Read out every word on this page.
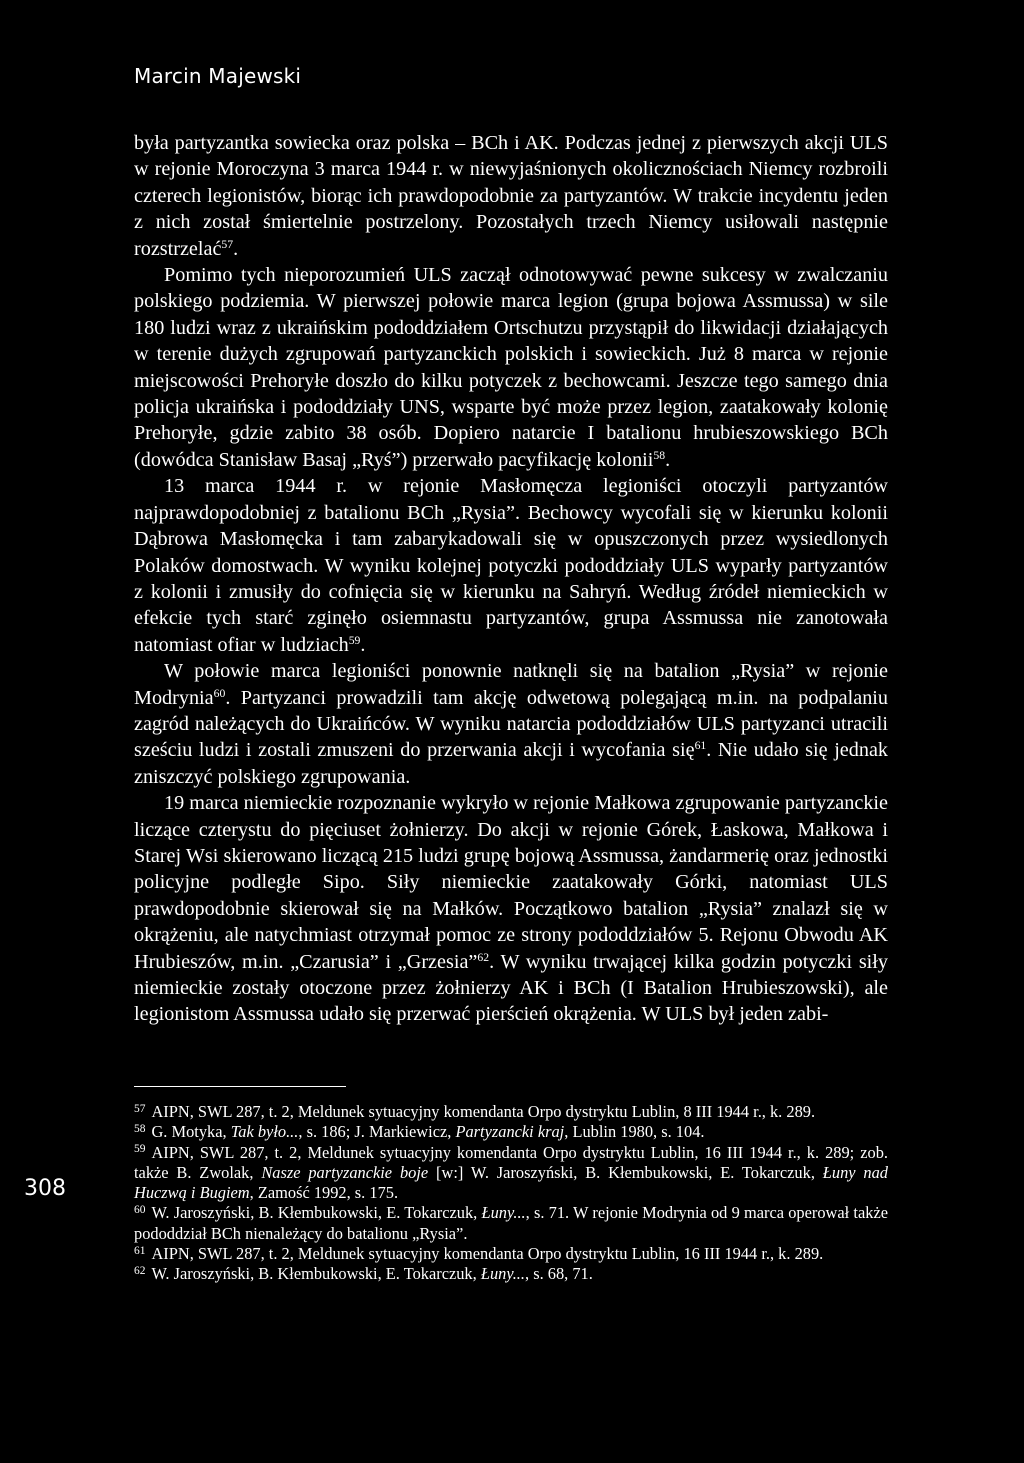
Marcin Majewski

była partyzantka sowiecka oraz polska – BCh i AK. Podczas jednej z pierwszych akcji ULS w rejonie Moroczyna 3 marca 1944 r. w niewyjaśnionych okolicznościach Niemcy rozbroili czterech legionistów, biorąc ich prawdopodobnie za partyzantów. W trakcie incydentu jeden z nich został śmiertelnie postrzelony. Pozostałych trzech Niemcy usiłowali następnie rozstrzelać$^{57}$.

Pomimo tych nieporozumień ULS zaczął odnotowywać pewne sukcesy w zwalczaniu polskiego podziemia. W pierwszej połowie marca legion (grupa bojowa Assmussa) w sile 180 ludzi wraz z ukraińskim pododdziałem Ortschutzu przystąpił do likwidacji działających w terenie dużych zgrupowań partyzanckich polskich i sowieckich. Już 8 marca w rejonie miejscowości Prehoryłe doszło do kilku potyczek z bechowcami. Jeszcze tego samego dnia policja ukraińska i pododdziały UNS, wsparte być może przez legion, zaatakowały kolonię Prehoryłe, gdzie zabito 38 osób. Dopiero natarcie I batalionu hrubieszowskiego BCh (dowódca Stanisław Basaj „Ryś”) przerwało pacyfikację kolonii$^{58}$.

13 marca 1944 r. w rejonie Masłomęcza legioniści otoczyli partyzantów najprawdopodobniej z batalionu BCh „Rysia”. Bechowcy wycofali się w kierunku kolonii Dąbrowa Masłomęcka i tam zabarykadowali się w opuszczonych przez wysiedlonych Polaków domostwach. W wyniku kolejnej potyczki pododdziały ULS wyparły partyzantów z kolonii i zmusiły do cofnięcia się w kierunku na Sahryń. Według źródeł niemieckich w efekcie tych starć zginęło osiemnastu partyzantów, grupa Assmussa nie zanotowała natomiast ofiar w ludziach$^{59}$.

W połowie marca legioniści ponownie natknęli się na batalion „Rysia” w rejonie Modrynia$^{60}$. Partyzanci prowadzili tam akcję odwetową polegającą m.in. na podpalaniu zagród należących do Ukraińców. W wyniku natarcia pododdziałów ULS partyzanci utracili sześciu ludzi i zostali zmuszeni do przerwania akcji i wycofania się$^{61}$. Nie udało się jednak zniszczyć polskiego zgrupowania.

19 marca niemieckie rozpoznanie wykryło w rejonie Małkowa zgrupowanie partyzanckie liczące czterystu do pięciuset żołnierzy. Do akcji w rejonie Górek, Łaskowa, Małkowa i Starej Wsi skierowano liczącą 215 ludzi grupę bojową Assmussa, żandarmerię oraz jednostki policyjne podległe Sipo. Siły niemieckie zaatakowały Górki, natomiast ULS prawdopodobnie skierował się na Małków. Początkowo batalion „Rysia” znalazł się w okrążeniu, ale natychmiast otrzymał pomoc ze strony pododdziałów 5. Rejonu Obwodu AK Hrubieszów, m.in. „Czarusia” i „Grzesia”$^{62}$. W wyniku trwającej kilka godzin potyczki siły niemieckie zostały otoczone przez żołnierzy AK i BCh (I Batalion Hrubieszowski), ale legionistom Assmussa udało się przerwać pierścień okrążenia. W ULS był jeden zabi-

308

$^{57}$ AIPN, SWL 287, t. 2, Meldunek sytuacyjny komendanta Orpo dystryktu Lublin, 8 III 1944 r., k. 289.

$^{58}$ G. Motyka, Tak było..., s. 186; J. Markiewicz, Partyzancki kraj, Lublin 1980, s. 104.

$^{59}$ AIPN, SWL 287, t. 2, Meldunek sytuacyjny komendanta Orpo dystryktu Lublin, 16 III 1944 r., k. 289; zob. także B. Zwolak, Nasze partyzanckie boje [w:] W. Jaroszyński, B. Kłembukowski, E. Tokarczuk, Łuny nad Huczwą i Bugiem, Zamość 1992, s. 175.

$^{60}$ W. Jaroszyński, B. Kłembukowski, E. Tokarczuk, Łuny..., s. 71. W rejonie Modrynia od 9 marca operował także pododdział BCh nienależący do batalionu „Rysia”.

$^{61}$ AIPN, SWL 287, t. 2, Meldunek sytuacyjny komendanta Orpo dystryktu Lublin, 16 III 1944 r., k. 289.

$^{62}$ W. Jaroszyński, B. Kłembukowski, E. Tokarczuk, Łuny..., s. 68, 71.
